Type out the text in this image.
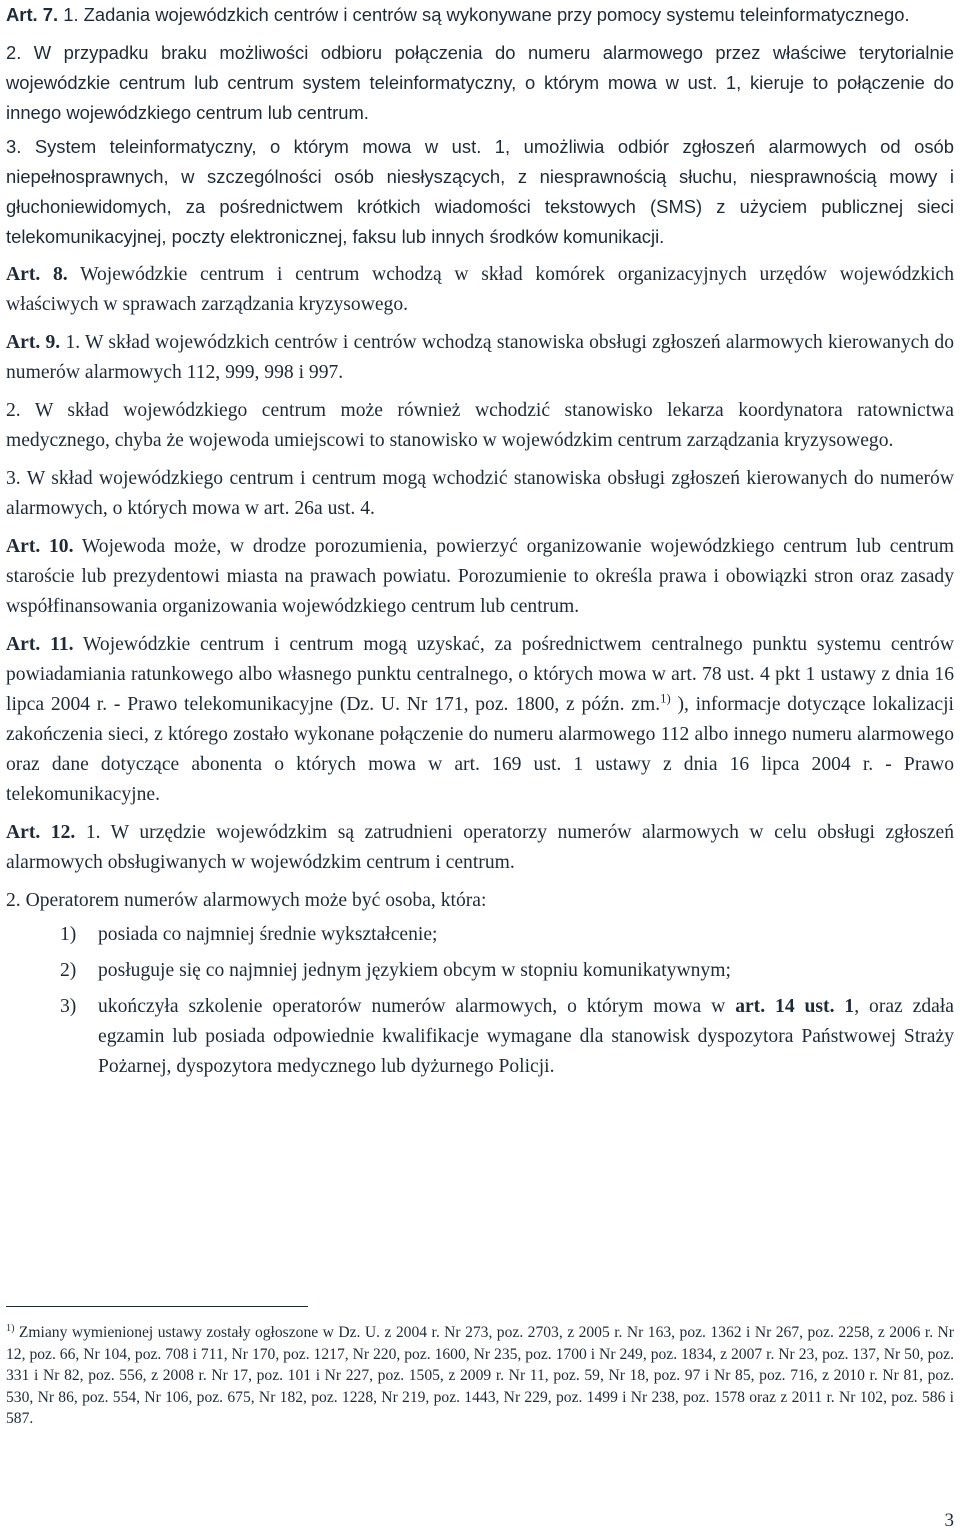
Art. 7. 1. Zadania wojewódzkich centrów i centrów są wykonywane przy pomocy systemu teleinformatycznego.

2. W przypadku braku możliwości odbioru połączenia do numeru alarmowego przez właściwe terytorialnie wojewódzkie centrum lub centrum system teleinformatyczny, o którym mowa w ust. 1, kieruje to połączenie do innego wojewódzkiego centrum lub centrum.

3. System teleinformatyczny, o którym mowa w ust. 1, umożliwia odbiór zgłoszeń alarmowych od osób niepełnosprawnych, w szczególności osób niesłyszących, z niesprawnością słuchu, niesprawnością mowy i głuchoniewidomych, za pośrednictwem krótkich wiadomości tekstowych (SMS) z użyciem publicznej sieci telekomunikacyjnej, poczty elektronicznej, faksu lub innych środków komunikacji.

Art. 8. Wojewódzkie centrum i centrum wchodzą w skład komórek organizacyjnych urzędów wojewódzkich właściwych w sprawach zarządzania kryzysowego.

Art. 9. 1. W skład wojewódzkich centrów i centrów wchodzą stanowiska obsługi zgłoszeń alarmowych kierowanych do numerów alarmowych 112, 999, 998 i 997.

2. W skład wojewódzkiego centrum może również wchodzić stanowisko lekarza koordynatora ratownictwa medycznego, chyba że wojewoda umiejscowi to stanowisko w wojewódzkim centrum zarządzania kryzysowego.

3. W skład wojewódzkiego centrum i centrum mogą wchodzić stanowiska obsługi zgłoszeń kierowanych do numerów alarmowych, o których mowa w art. 26a ust. 4.

Art. 10. Wojewoda może, w drodze porozumienia, powierzyć organizowanie wojewódzkiego centrum lub centrum staroście lub prezydentowi miasta na prawach powiatu. Porozumienie to określa prawa i obowiązki stron oraz zasady współfinansowania organizowania wojewódzkiego centrum lub centrum.

Art. 11. Wojewódzkie centrum i centrum mogą uzyskać, za pośrednictwem centralnego punktu systemu centrów powiadamiania ratunkowego albo własnego punktu centralnego, o których mowa w art. 78 ust. 4 pkt 1 ustawy z dnia 16 lipca 2004 r. - Prawo telekomunikacyjne (Dz. U. Nr 171, poz. 1800, z późn. zm.$^{1)}$ ), informacje dotyczące lokalizacji zakończenia sieci, z którego zostało wykonane połączenie do numeru alarmowego 112 albo innego numeru alarmowego oraz dane dotyczące abonenta o których mowa w art. 169 ust. 1 ustawy z dnia 16 lipca 2004 r. - Prawo telekomunikacyjne.

Art. 12. 1. W urzędzie wojewódzkim są zatrudnieni operatorzy numerów alarmowych w celu obsługi zgłoszeń alarmowych obsługiwanych w wojewódzkim centrum i centrum.

2. Operatorem numerów alarmowych może być osoba, która:

1)	posiada co najmniej średnie wykształcenie;
2)	posługuje się co najmniej jednym językiem obcym w stopniu komunikatywnym;
3)	ukończyła szkolenie operatorów numerów alarmowych, o którym mowa w art. 14 ust. 1, oraz zdała egzamin lub posiada odpowiednie kwalifikacje wymagane dla stanowisk dyspozytora Państwowej Straży Pożarnej, dyspozytora medycznego lub dyżurnego Policji.

$^{1)}$ Zmiany wymienionej ustawy zostały ogłoszone w Dz. U. z 2004 r. Nr 273, poz. 2703, z 2005 r. Nr 163, poz. 1362 i Nr 267, poz. 2258, z 2006 r. Nr 12, poz. 66, Nr 104, poz. 708 i 711, Nr 170, poz. 1217, Nr 220, poz. 1600, Nr 235, poz. 1700 i Nr 249, poz. 1834, z 2007 r. Nr 23, poz. 137, Nr 50, poz. 331 i Nr 82, poz. 556, z 2008 r. Nr 17, poz. 101 i Nr 227, poz. 1505, z 2009 r. Nr 11, poz. 59, Nr 18, poz. 97 i Nr 85, poz. 716, z 2010 r. Nr 81, poz. 530, Nr 86, poz. 554, Nr 106, poz. 675, Nr 182, poz. 1228, Nr 219, poz. 1443, Nr 229, poz. 1499 i Nr 238, poz. 1578 oraz z 2011 r. Nr 102, poz. 586 i 587.

3
